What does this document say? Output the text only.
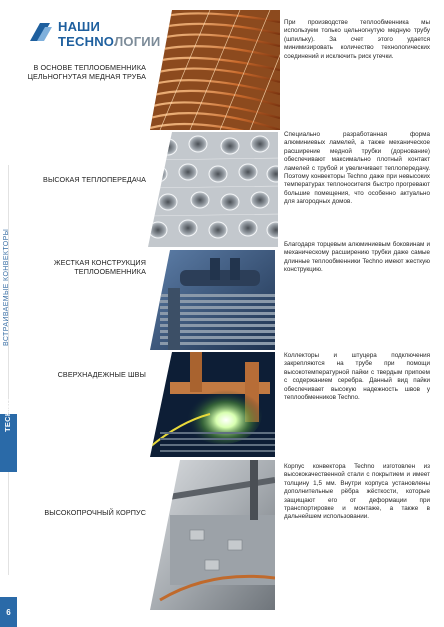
ВСТРАИВАЕМЫЕ КОНВЕКТОРЫ
TECHNO
НАШИ
TECHNOЛОГИИ
В ОСНОВЕ ТЕПЛООБМЕННИКА
ЦЕЛЬНОГНУТАЯ МЕДНАЯ ТРУБА
При производстве теплообменника мы используем только цельногнутую медную трубу (шпильку). За счет этого удается минимизировать количество технологических соединений и исключить риск утечки.
ВЫСОКАЯ ТЕПЛОПЕРЕДАЧА
Специально разработанная форма алюминиевых ламелей, а также механическое расширение медной трубки (дорнование) обеспечивают максимально плотный контакт ламелей с трубой и увеличивает теплопередачу. Поэтому конвекторы Techno даже при невысоких температурах теплоносителя быстро прогревают большие помещения, что особенно актуально для загородных домов.
ЖЕСТКАЯ КОНСТРУКЦИЯ
ТЕПЛООБМЕННИКА
Благодаря торцевым алюминиевым боковинам и механическому расширению трубки даже самые длинные теплообменники Techno имеют жесткую конструкцию.
СВЕРХНАДЕЖНЫЕ ШВЫ
Коллекторы и штуцера подключения закрепляются на трубе при помощи высокотемпературной пайки с твердым припоем с содержанием серебра. Данный вид пайки обеспечивает высокую надежность швов у теплообменников Techno.
ВЫСОКОПРОЧНЫЙ КОРПУС
Корпус конвектора Techno изготовлен из высококачественной стали с покрытием и имеет толщину 1,5 мм. Внутри корпуса установлены дополнительные рёбра жёсткости, которые защищают его от деформации при транспортировке и монтаже, а также в дальнейшем использовании.
6
